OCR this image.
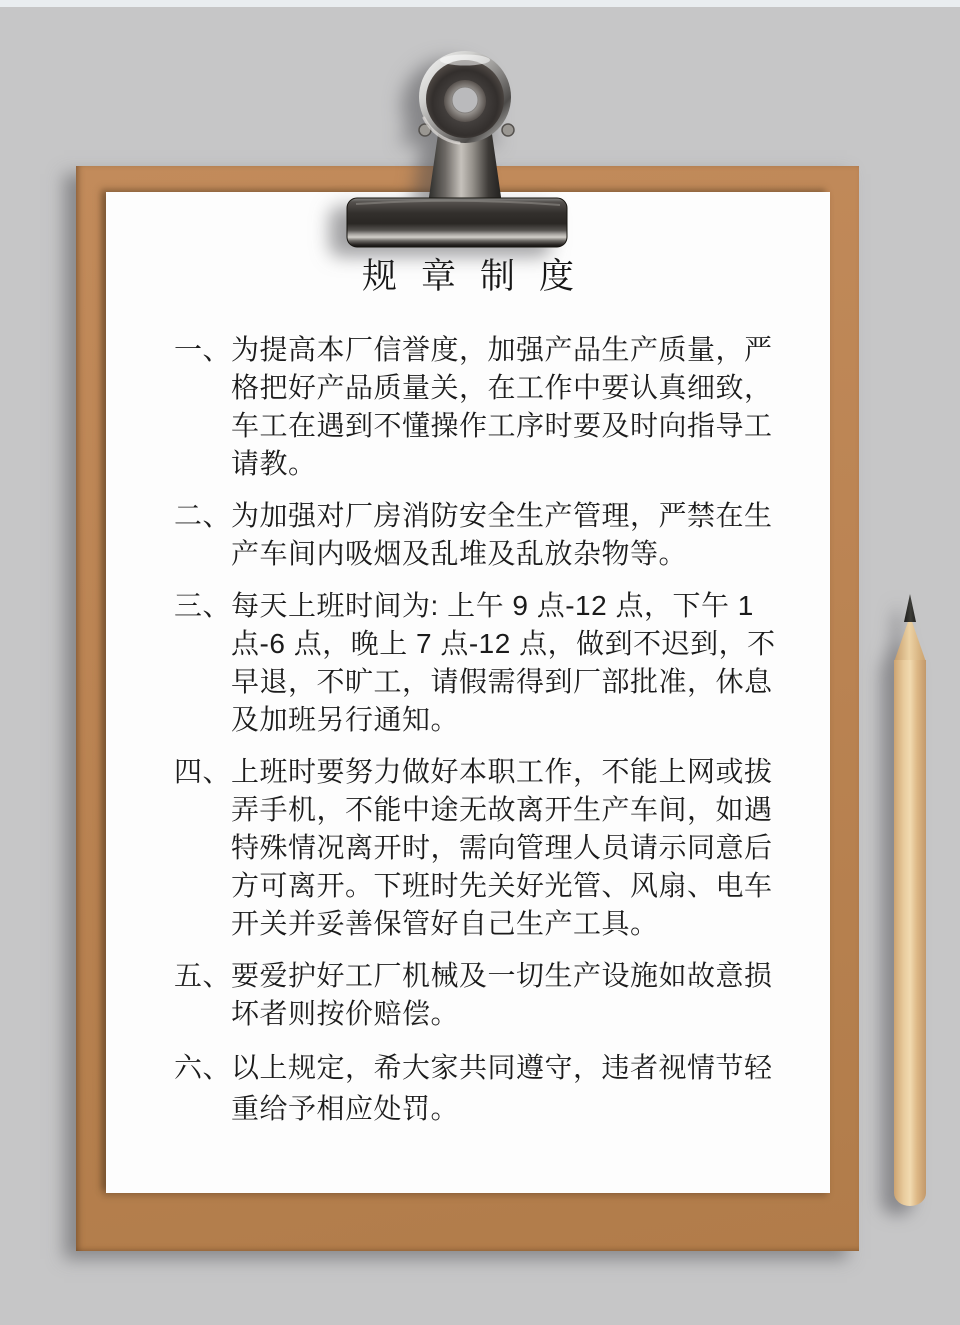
规章制度
一、 为提高本厂信誉度，加强产品生产质量，严格把好产品质量关，在工作中要认真细致，车工在遇到不懂操作工序时要及时向指导工请教。
二、 为加强对厂房消防安全生产管理，严禁在生产车间内吸烟及乱堆及乱放杂物等。
三、 每天上班时间为: 上午 9 点-12 点，下午 1 点-6 点，晚上 7 点-12 点，做到不迟到，不早退，不旷工，请假需得到厂部批准，休息及加班另行通知。
四、 上班时要努力做好本职工作，不能上网或拔弄手机，不能中途无故离开生产车间，如遇特殊情况离开时，需向管理人员请示同意后方可离开。下班时先关好光管、风扇、电车开关并妥善保管好自己生产工具。
五、 要爱护好工厂机械及一切生产设施如故意损坏者则按价赔偿。
六、 以上规定，希大家共同遵守，违者视情节轻重给予相应处罚。
